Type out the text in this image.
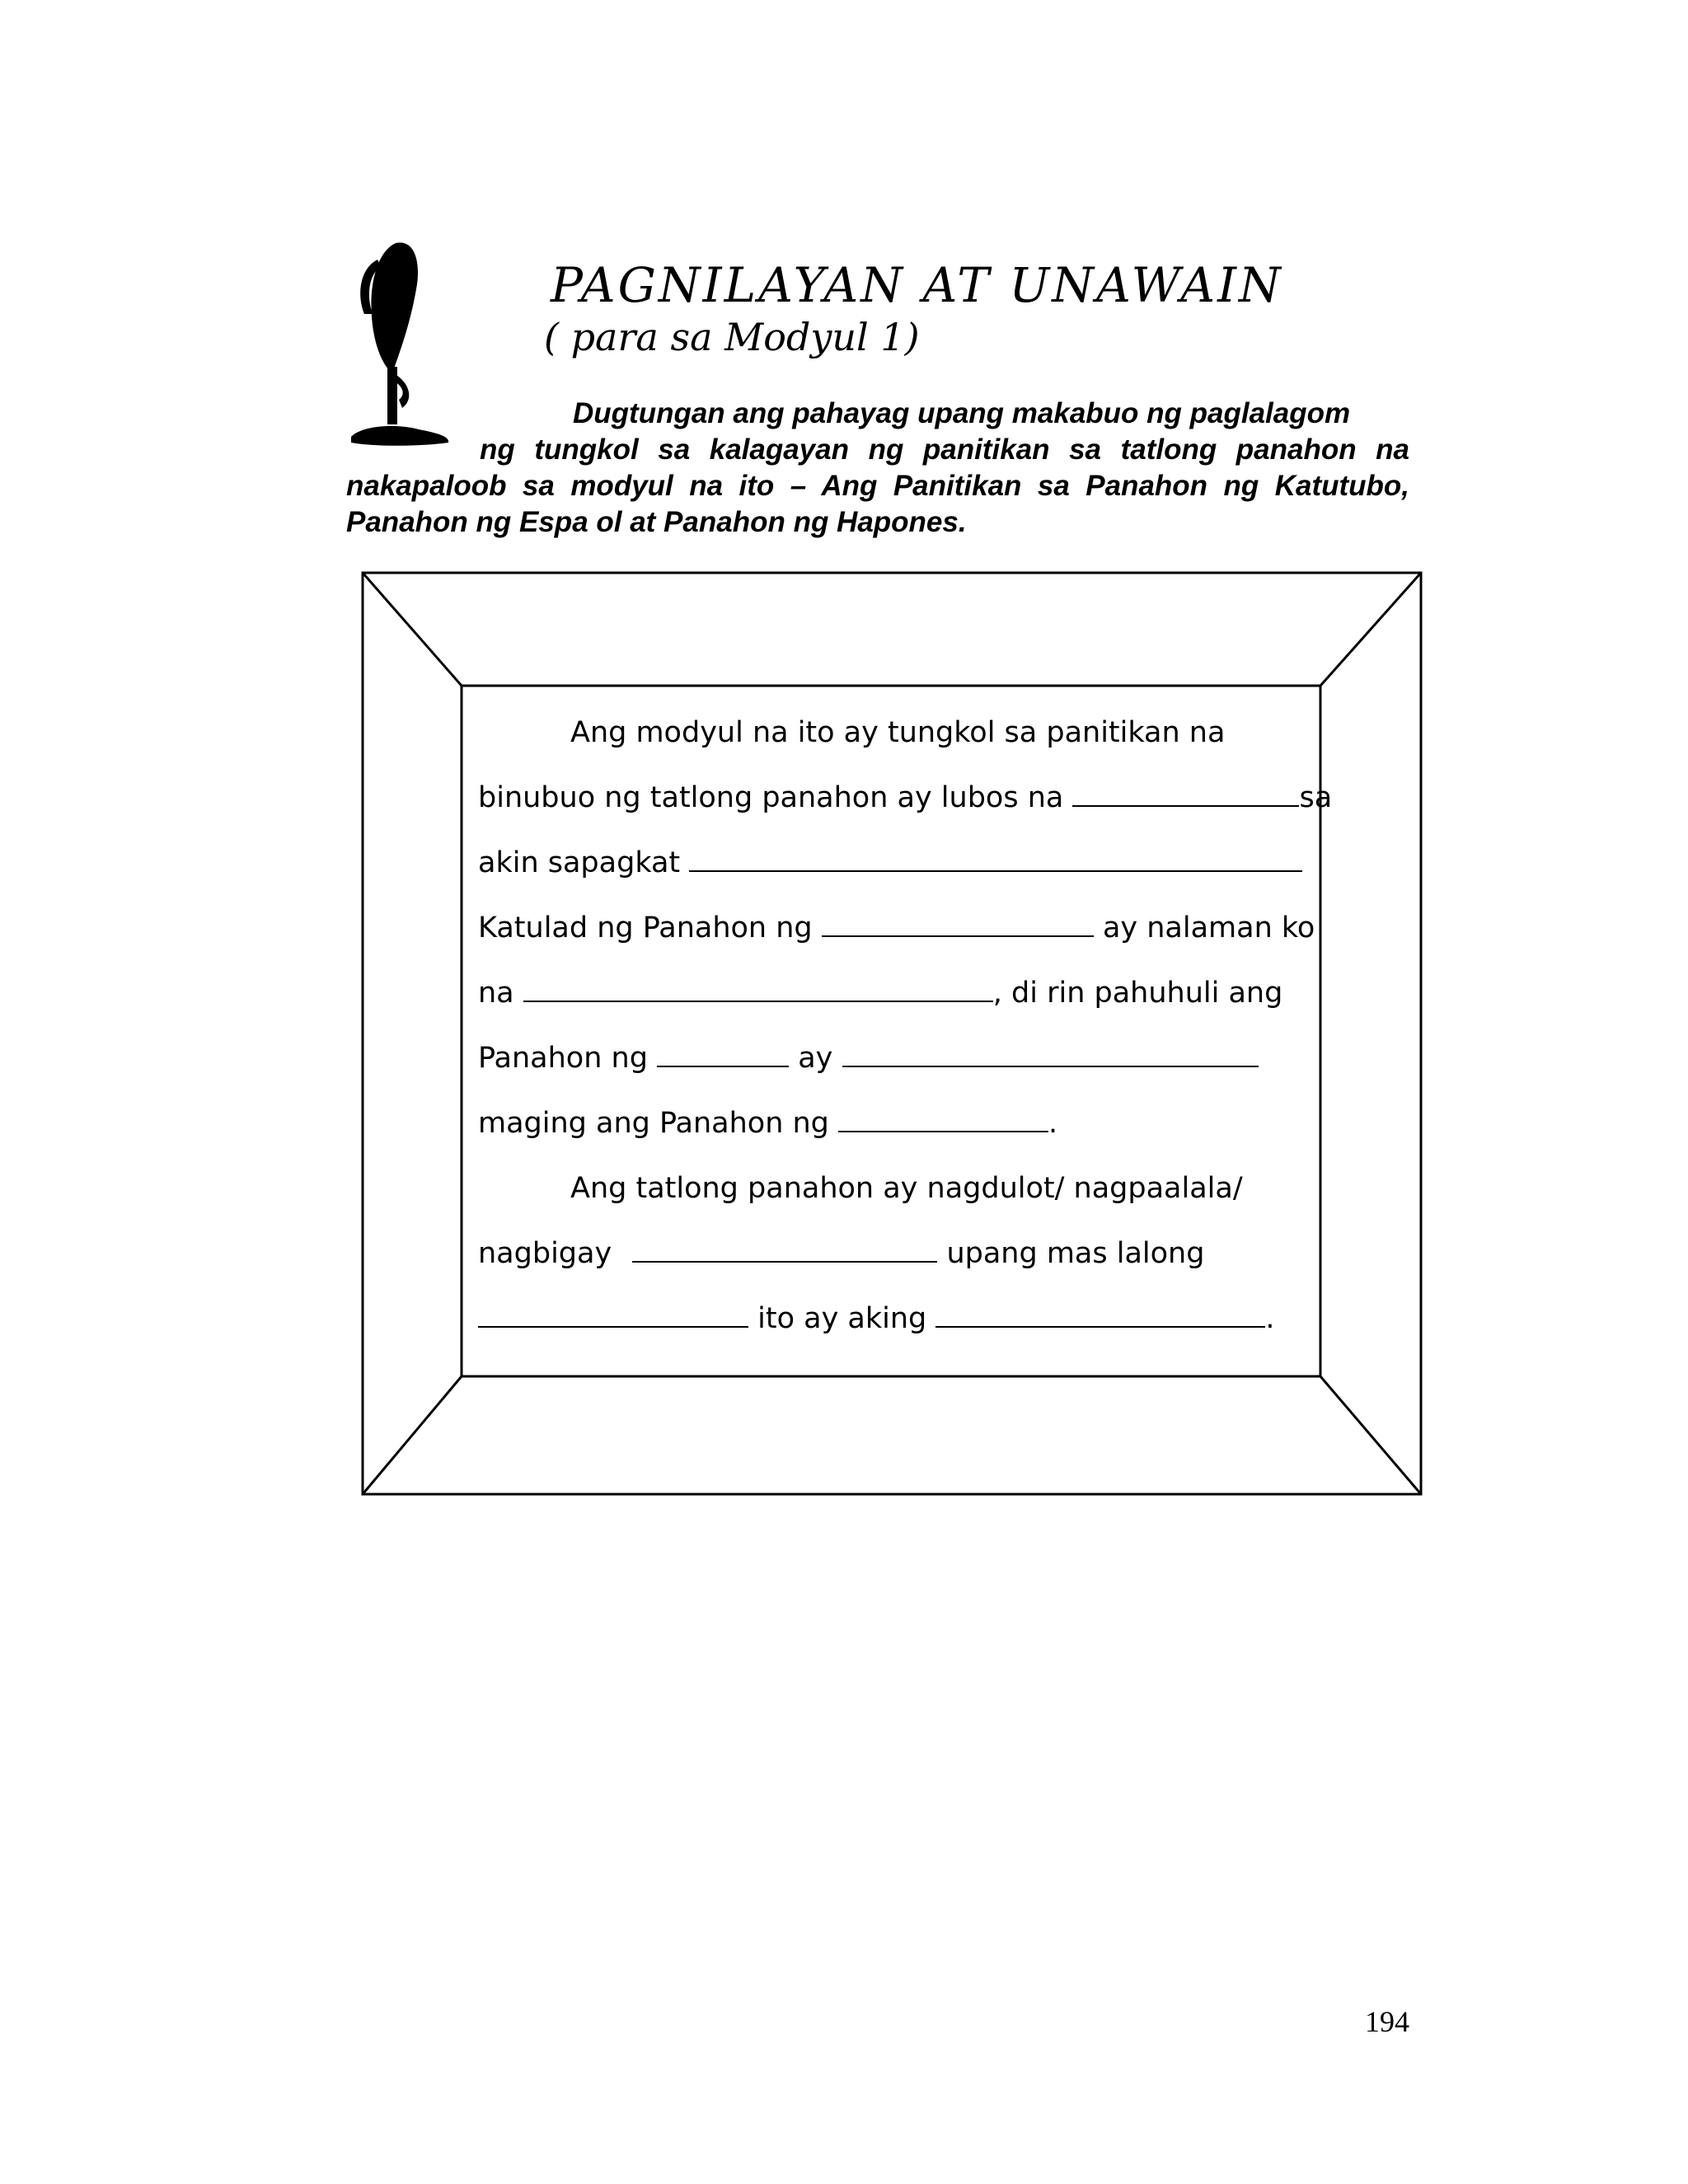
PAGNILAYAN AT UNAWAIN
( para sa Modyul 1)
Dugtungan ang pahayag upang makabuo ng paglalagom
ng tungkol sa kalagayan ng panitikan sa tatlong panahon na
nakapaloob sa modyul na ito – Ang Panitikan sa Panahon ng Katutubo,
Panahon ng Espa ol at Panahon ng Hapones.
Ang modyul na ito ay tungkol sa panitikan na
binubuo ng tatlong panahon ay lubos na	sa
akin sapagkat
Katulad ng Panahon ng	ay nalaman ko
na	, di rin pahuhuli ang
Panahon ng	ay
maging ang Panahon ng	.
Ang tatlong panahon ay nagdulot/ nagpaalala/
nagbigay	upang mas lalong
ito ay aking	.
194
